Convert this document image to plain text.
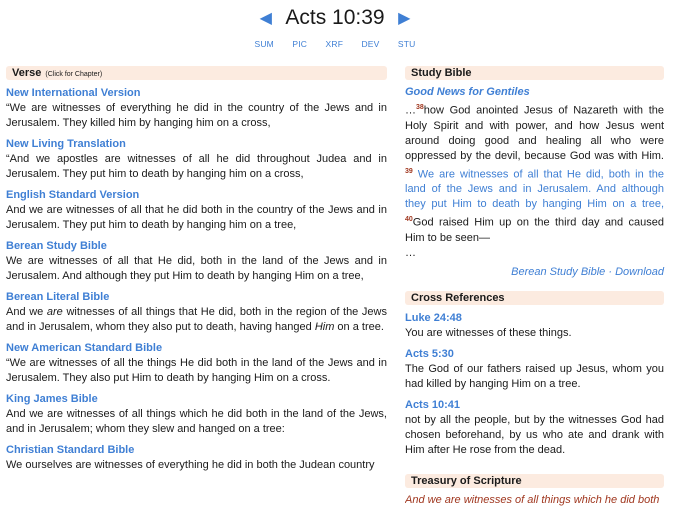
◀ Acts 10:39 ▶
SUM PIC XRF DEV STU
Verse (Click for Chapter)
New International Version
“We are witnesses of everything he did in the country of the Jews and in Jerusalem. They killed him by hanging him on a cross,
New Living Translation
“And we apostles are witnesses of all he did throughout Judea and in Jerusalem. They put him to death by hanging him on a cross,
English Standard Version
And we are witnesses of all that he did both in the country of the Jews and in Jerusalem. They put him to death by hanging him on a tree,
Berean Study Bible
We are witnesses of all that He did, both in the land of the Jews and in Jerusalem. And although they put Him to death by hanging Him on a tree,
Berean Literal Bible
And we are witnesses of all things that He did, both in the region of the Jews and in Jerusalem, whom they also put to death, having hanged Him on a tree.
New American Standard Bible
“We are witnesses of all the things He did both in the land of the Jews and in Jerusalem. They also put Him to death by hanging Him on a cross.
King James Bible
And we are witnesses of all things which he did both in the land of the Jews, and in Jerusalem; whom they slew and hanged on a tree:
Christian Standard Bible
We ourselves are witnesses of everything he did in both the Judean country
Study Bible
Good News for Gentiles
…$^{38}$how God anointed Jesus of Nazareth with the Holy Spirit and with power, and how Jesus went around doing good and healing all who were oppressed by the devil, because God was with Him. $^{39}$ We are witnesses of all that He did, both in the land of the Jews and in Jerusalem. And although they put Him to death by hanging Him on a tree, $^{40}$God raised Him up on the third day and caused Him to be seen—
…
Berean Study Bible · Download
Cross References
Luke 24:48
You are witnesses of these things.
Acts 5:30
The God of our fathers raised up Jesus, whom you had killed by hanging Him on a tree.
Acts 10:41
not by all the people, but by the witnesses God had chosen beforehand, by us who ate and drank with Him after He rose from the dead.
Treasury of Scripture
And we are witnesses of all things which he did both
